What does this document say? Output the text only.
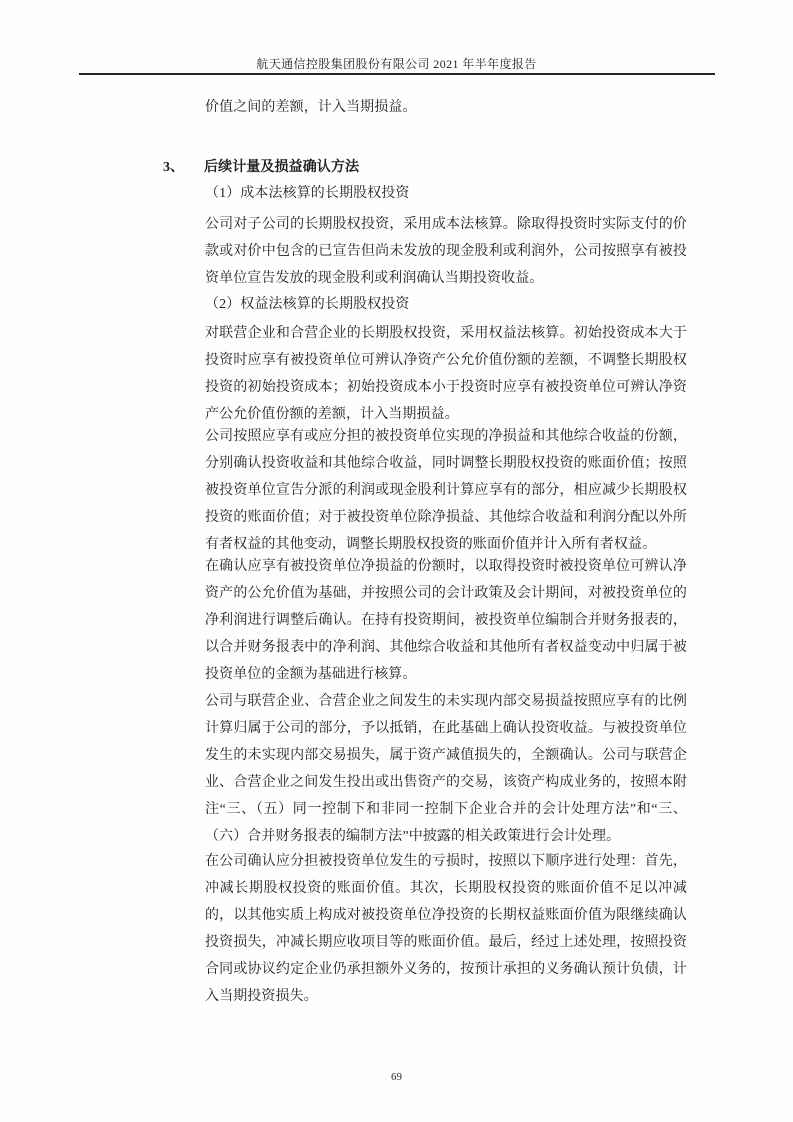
航天通信控股集团股份有限公司 2021 年半年度报告
价值之间的差额，计入当期损益。
3、 后续计量及损益确认方法
（1）成本法核算的长期股权投资
公司对子公司的长期股权投资，采用成本法核算。除取得投资时实际支付的价款或对价中包含的已宣告但尚未发放的现金股利或利润外，公司按照享有被投资单位宣告发放的现金股利或利润确认当期投资收益。
（2）权益法核算的长期股权投资
对联营企业和合营企业的长期股权投资，采用权益法核算。初始投资成本大于投资时应享有被投资单位可辨认净资产公允价值份额的差额，不调整长期股权投资的初始投资成本；初始投资成本小于投资时应享有被投资单位可辨认净资产公允价值份额的差额，计入当期损益。
公司按照应享有或应分担的被投资单位实现的净损益和其他综合收益的份额，分别确认投资收益和其他综合收益，同时调整长期股权投资的账面价值；按照被投资单位宣告分派的利润或现金股利计算应享有的部分，相应减少长期股权投资的账面价值；对于被投资单位除净损益、其他综合收益和利润分配以外所有者权益的其他变动，调整长期股权投资的账面价值并计入所有者权益。
在确认应享有被投资单位净损益的份额时，以取得投资时被投资单位可辨认净资产的公允价值为基础，并按照公司的会计政策及会计期间，对被投资单位的净利润进行调整后确认。在持有投资期间，被投资单位编制合并财务报表的，以合并财务报表中的净利润、其他综合收益和其他所有者权益变动中归属于被投资单位的金额为基础进行核算。
公司与联营企业、合营企业之间发生的未实现内部交易损益按照应享有的比例计算归属于公司的部分，予以抵销，在此基础上确认投资收益。与被投资单位发生的未实现内部交易损失，属于资产减值损失的，全额确认。公司与联营企业、合营企业之间发生投出或出售资产的交易，该资产构成业务的，按照本附注“三、（五）同一控制下和非同一控制下企业合并的会计处理方法”和“三、（六）合并财务报表的编制方法”中披露的相关政策进行会计处理。
在公司确认应分担被投资单位发生的亏损时，按照以下顺序进行处理：首先，冲减长期股权投资的账面价值。其次，长期股权投资的账面价值不足以冲减的，以其他实质上构成对被投资单位净投资的长期权益账面价值为限继续确认投资损失，冲减长期应收项目等的账面价值。最后，经过上述处理，按照投资合同或协议约定企业仍承担额外义务的，按预计承担的义务确认预计负债，计入当期投资损失。
69
